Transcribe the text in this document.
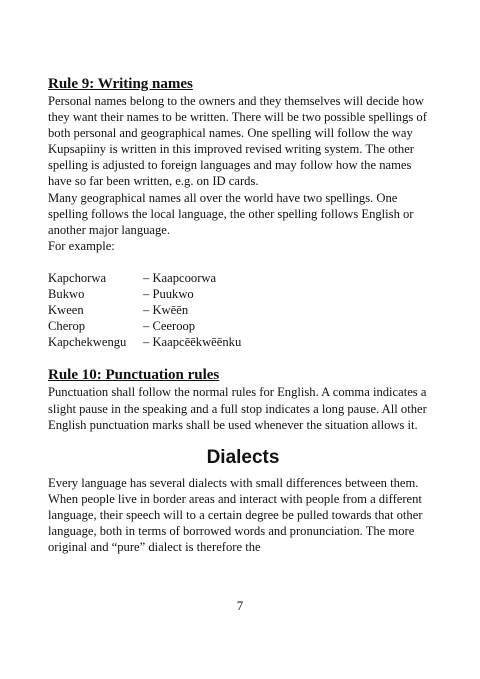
Rule 9: Writing names

Personal names belong to the owners and they themselves will decide how they want their names to be written. There will be two possible spellings of both personal and geographical names. One spelling will follow the way Kupsapiiny is written in this improved revised writing system. The other spelling is adjusted to foreign languages and may follow how the names have so far been written, e.g. on ID cards.

Many geographical names all over the world have two spellings. One spelling follows the local language, the other spelling follows English or another major language.

For example:

Kapchorwa	– Kaapcoorwa
Bukwo	– Puukwo
Kween	– Kwēēn
Cherop	– Ceeroop
Kapchekwengu	– Kaapcēēkwēēnku
Rule 10: Punctuation rules

Punctuation shall follow the normal rules for English. A comma indicates a slight pause in the speaking and a full stop indicates a long pause. All other English punctuation marks shall be used whenever the situation allows it.

Dialects

Every language has several dialects with small differences between them. When people live in border areas and interact with people from a different language, their speech will to a certain degree be pulled towards that other language, both in terms of borrowed words and pronunciation. The more original and “pure” dialect is therefore the

7
